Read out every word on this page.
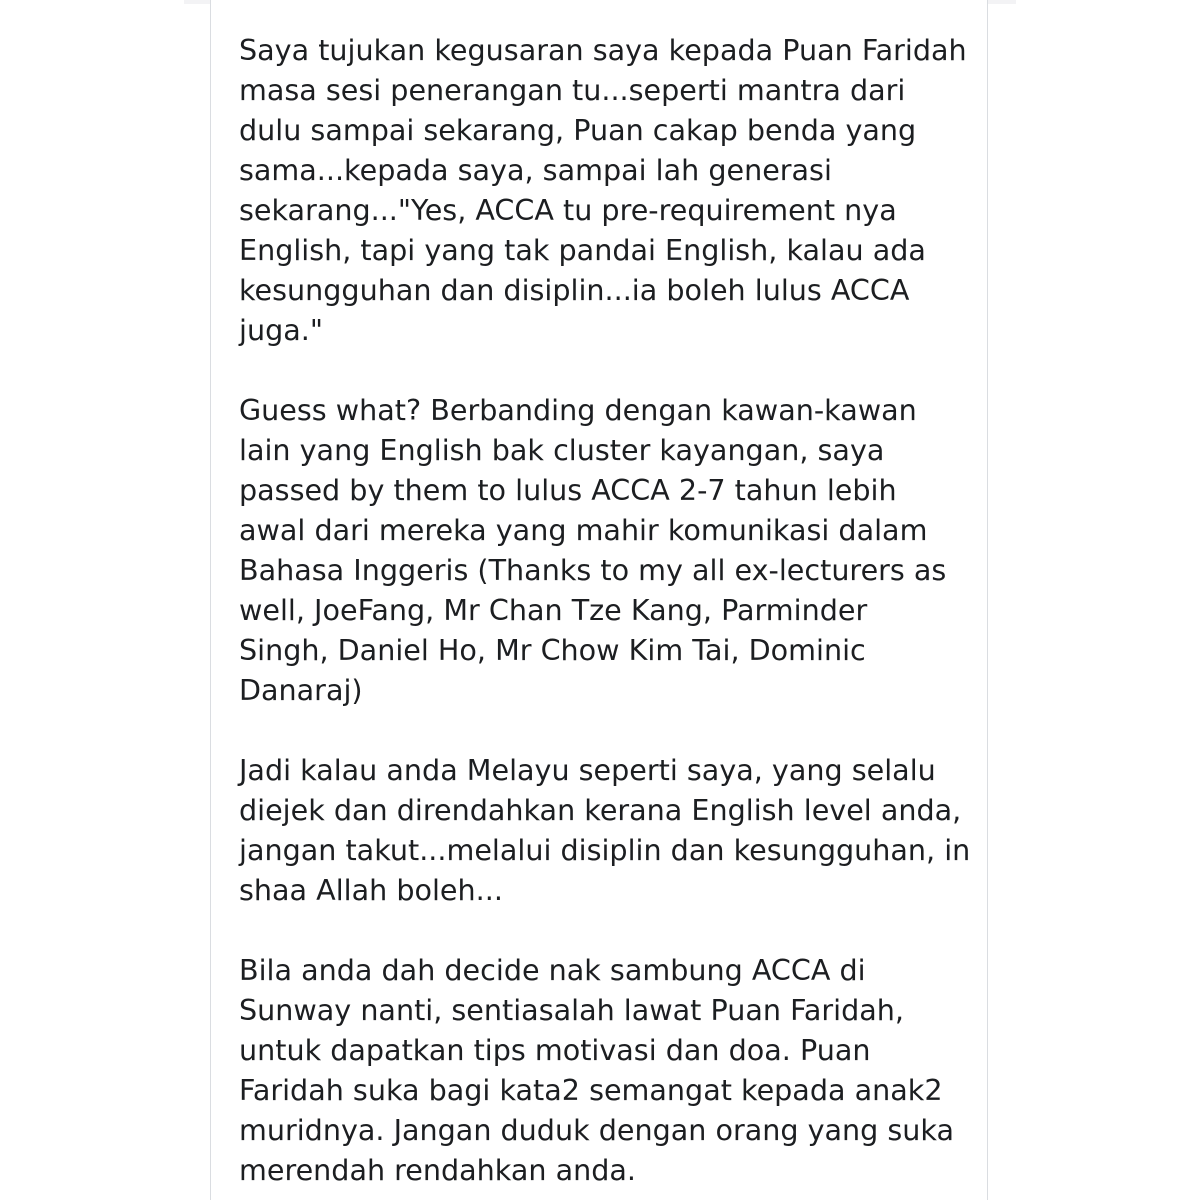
Saya tujukan kegusaran saya kepada Puan Faridah
masa sesi penerangan tu...seperti mantra dari
dulu sampai sekarang, Puan cakap benda yang
sama...kepada saya, sampai lah generasi
sekarang..."Yes, ACCA tu pre-requirement nya
English, tapi yang tak pandai English, kalau ada
kesungguhan dan disiplin...ia boleh lulus ACCA
juga."
Guess what? Berbanding dengan kawan-kawan
lain yang English bak cluster kayangan, saya
passed by them to lulus ACCA 2-7 tahun lebih
awal dari mereka yang mahir komunikasi dalam
Bahasa Inggeris (Thanks to my all ex-lecturers as
well, JoeFang, Mr Chan Tze Kang, Parminder
Singh, Daniel Ho, Mr Chow Kim Tai, Dominic
Danaraj)
Jadi kalau anda Melayu seperti saya, yang selalu
diejek dan direndahkan kerana English level anda,
jangan takut...melalui disiplin dan kesungguhan, in
shaa Allah boleh...
Bila anda dah decide nak sambung ACCA di
Sunway nanti, sentiasalah lawat Puan Faridah,
untuk dapatkan tips motivasi dan doa. Puan
Faridah suka bagi kata2 semangat kepada anak2
muridnya. Jangan duduk dengan orang yang suka
merendah rendahkan anda.
